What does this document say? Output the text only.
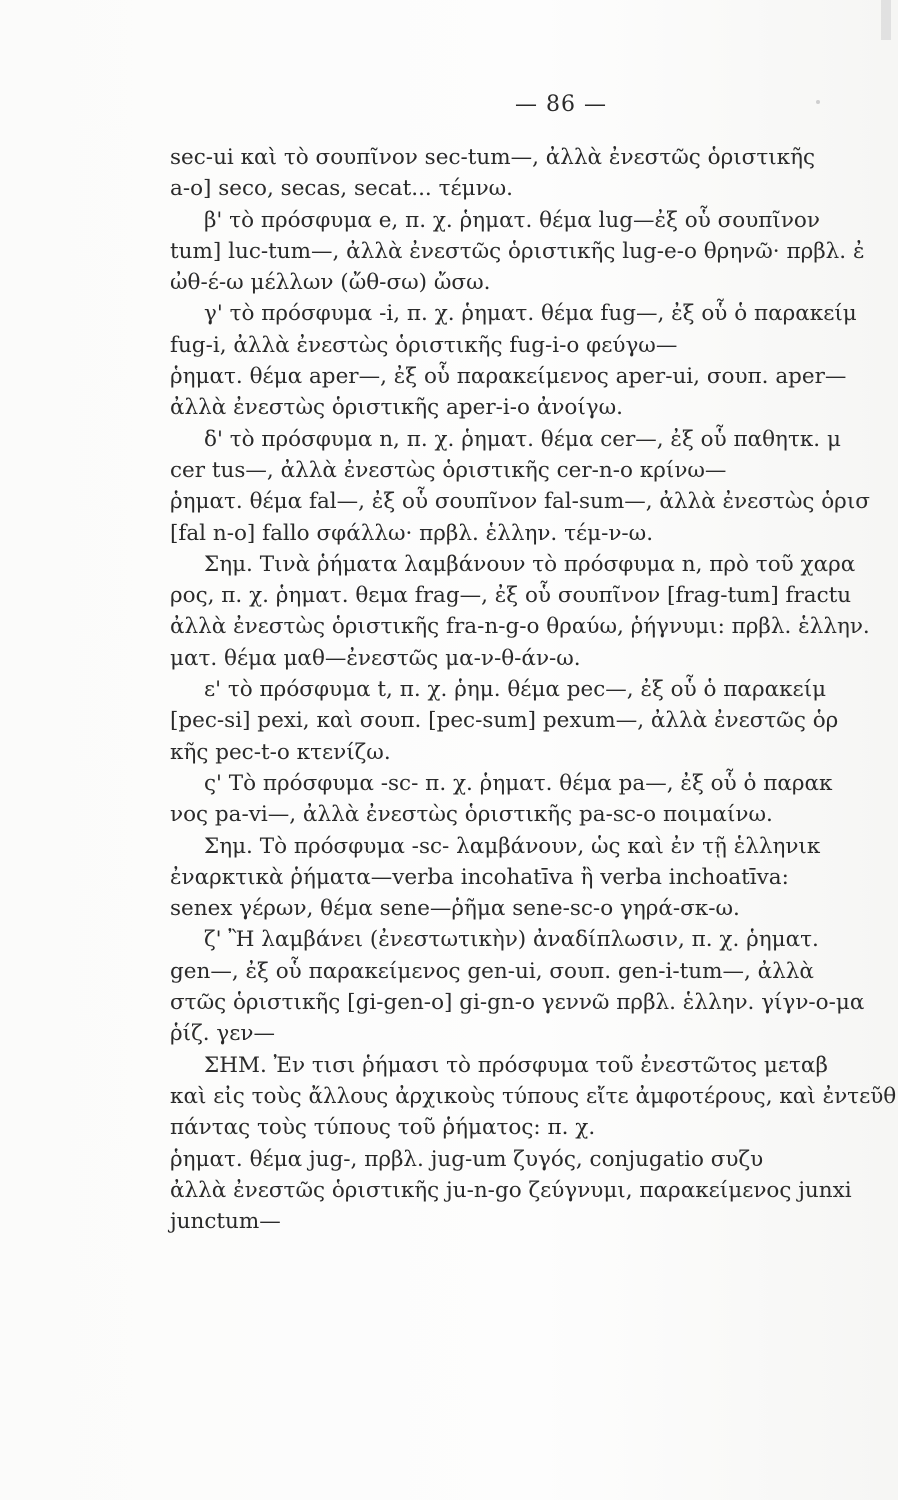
— 86 —
sec-ui καὶ τὸ σουπῖνον sec-tum—, ἀλλὰ ἐνεστῶς ὁριστικῆς
a-o] seco, secas, secat... τέμνω.
β' τὸ πρόσφυμα e, π. χ. ῥηματ. θέμα lug—ἐξ οὗ σουπῖνον
tum] luc-tum—, ἀλλὰ ἐνεστῶς ὁριστικῆς lug-e-o θρηνῶ· πρβλ. ἐ
ὠθ-έ-ω μέλλων (ὤθ-σω) ὤσω.
γ' τὸ πρόσφυμα -i, π. χ. ῥηματ. θέμα fug—, ἐξ οὗ ὁ παρακείμ
fug-i, ἀλλὰ ἐνεστὼς ὁριστικῆς fug-i-o φεύγω—
ῥηματ. θέμα aper—, ἐξ οὗ παρακείμενος aper-ui, σουπ. aper—
ἀλλὰ ἐνεστὼς ὁριστικῆς aper-i-o ἀνοίγω.
δ' τὸ πρόσφυμα n, π. χ. ῥηματ. θέμα cer—, ἐξ οὗ παθητκ. μ
cer tus—, ἀλλὰ ἐνεστὼς ὁριστικῆς cer-n-o κρίνω—
ῥηματ. θέμα fal—, ἐξ οὗ σουπῖνον fal-sum—, ἀλλὰ ἐνεστὼς ὁρισ
[fal n-o] fallo σφάλλω· πρβλ. ἑλλην. τέμ-ν-ω.
Σημ. Τινὰ ῥήματα λαμβάνουν τὸ πρόσφυμα n, πρὸ τοῦ χαρα
ρος, π. χ. ῥηματ. θεμα frag—, ἐξ οὗ σουπῖνον [frag-tum] fractu
ἀλλὰ ἐνεστὼς ὁριστικῆς fra-n-g-o θραύω, ῥήγνυμι: πρβλ. ἑλλην.
ματ. θέμα μαθ—ἐνεστῶς μα-ν-θ-άν-ω.
ε' τὸ πρόσφυμα t, π. χ. ῥημ. θέμα pec—, ἐξ οὗ ὁ παρακείμ
[pec-si] pexi, καὶ σουπ. [pec-sum] pexum—, ἀλλὰ ἐνεστῶς ὁρ
κῆς pec-t-o κτενίζω.
ς' Τὸ πρόσφυμα -sc- π. χ. ῥηματ. θέμα pa—, ἐξ οὗ ὁ παρακ
νος pa-vi—, ἀλλὰ ἐνεστὼς ὁριστικῆς pa-sc-o ποιμαίνω.
Σημ. Τὸ πρόσφυμα -sc- λαμβάνουν, ὡς καὶ ἐν τῇ ἑλληνικ
ἐναρκτικὰ ῥήματα—verba incohatīva ἢ verba inchoatīva:
senex γέρων, θέμα sene—ῥῆμα sene-sc-o γηρά-σκ-ω.
ζ' Ἢ λαμβάνει (ἐνεστωτικὴν) ἀναδίπλωσιν, π. χ. ῥηματ.
gen—, ἐξ οὗ παρακείμενος gen-ui, σουπ. gen-i-tum—, ἀλλὰ
στῶς ὁριστικῆς [gi-gen-o] gi-gn-o γεννῶ πρβλ. ἑλλην. γίγν-ο-μα
ῥίζ. γεν—
ΣΗΜ. Ἐν τισι ῥήμασι τὸ πρόσφυμα τοῦ ἐνεστῶτος μεταβ
καὶ εἰς τοὺς ἄλλους ἀρχικοὺς τύπους εἴτε ἀμφοτέρους, καὶ ἐντεῦθ
πάντας τοὺς τύπους τοῦ ῥήματος: π. χ.
ῥηματ. θέμα jug-, πρβλ. jug-um ζυγός, conjugatio συζυ
ἀλλὰ ἐνεστῶς ὁριστικῆς ju-n-go ζεύγνυμι, παρακείμενος junxi
junctum—
